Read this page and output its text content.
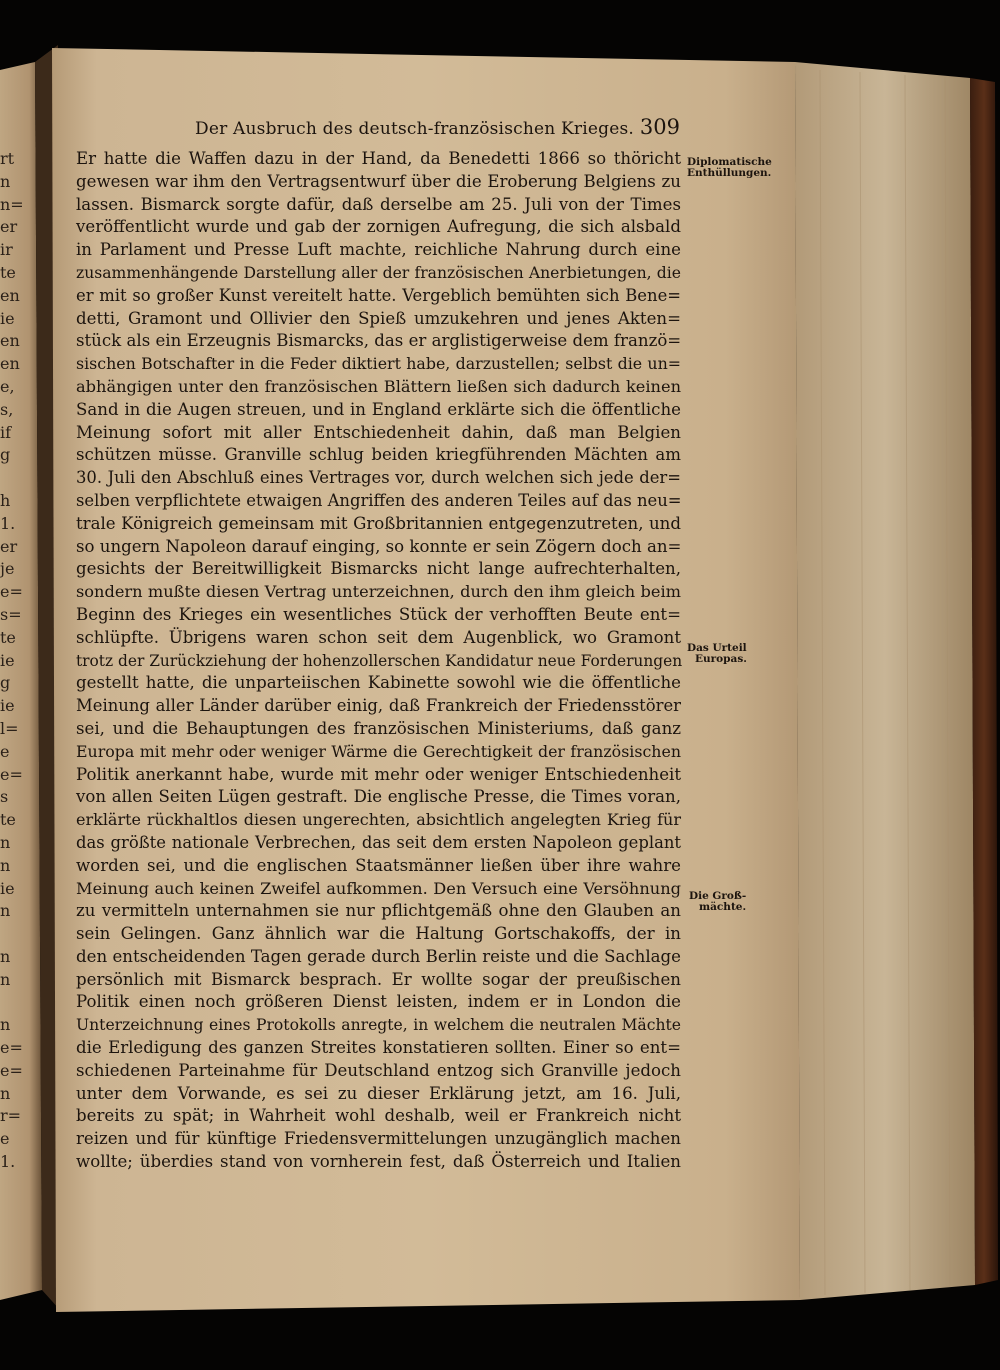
rt
n
n=
er
ir
te
en
ie
en
en
e,
s,
if
g
h
1.
er
je
e=
s=
te
ie
g
ie
l=
e
e=
s
te
n
n
ie
n
n
n
n
e=
e=
n
r=
e
1.
Der Ausbruch des deutsch-französischen Krieges. 309
Er hatte die Waffen dazu in der Hand, da Benedetti 1866 so thöricht
gewesen war ihm den Vertragsentwurf über die Eroberung Belgiens zu
lassen. Bismarck sorgte dafür, daß derselbe am 25. Juli von der Times
veröffentlicht wurde und gab der zornigen Aufregung, die sich alsbald
in Parlament und Presse Luft machte, reichliche Nahrung durch eine
zusammenhängende Darstellung aller der französischen Anerbietungen, die
er mit so großer Kunst vereitelt hatte. Vergeblich bemühten sich Bene=
detti, Gramont und Ollivier den Spieß umzukehren und jenes Akten=
stück als ein Erzeugnis Bismarcks, das er arglistigerweise dem franzö=
sischen Botschafter in die Feder diktiert habe, darzustellen; selbst die un=
abhängigen unter den französischen Blättern ließen sich dadurch keinen
Sand in die Augen streuen, und in England erklärte sich die öffentliche
Meinung sofort mit aller Entschiedenheit dahin, daß man Belgien
schützen müsse. Granville schlug beiden kriegführenden Mächten am
30. Juli den Abschluß eines Vertrages vor, durch welchen sich jede der=
selben verpflichtete etwaigen Angriffen des anderen Teiles auf das neu=
trale Königreich gemeinsam mit Großbritannien entgegenzutreten, und
so ungern Napoleon darauf einging, so konnte er sein Zögern doch an=
gesichts der Bereitwilligkeit Bismarcks nicht lange aufrechterhalten,
sondern mußte diesen Vertrag unterzeichnen, durch den ihm gleich beim
Beginn des Krieges ein wesentliches Stück der verhofften Beute ent=
schlüpfte. Übrigens waren schon seit dem Augenblick, wo Gramont
trotz der Zurückziehung der hohenzollerschen Kandidatur neue Forderungen
gestellt hatte, die unparteiischen Kabinette sowohl wie die öffentliche
Meinung aller Länder darüber einig, daß Frankreich der Friedensstörer
sei, und die Behauptungen des französischen Ministeriums, daß ganz
Europa mit mehr oder weniger Wärme die Gerechtigkeit der französischen
Politik anerkannt habe, wurde mit mehr oder weniger Entschiedenheit
von allen Seiten Lügen gestraft. Die englische Presse, die Times voran,
erklärte rückhaltlos diesen ungerechten, absichtlich angelegten Krieg für
das größte nationale Verbrechen, das seit dem ersten Napoleon geplant
worden sei, und die englischen Staatsmänner ließen über ihre wahre
Meinung auch keinen Zweifel aufkommen. Den Versuch eine Versöhnung
zu vermitteln unternahmen sie nur pflichtgemäß ohne den Glauben an
sein Gelingen. Ganz ähnlich war die Haltung Gortschakoffs, der in
den entscheidenden Tagen gerade durch Berlin reiste und die Sachlage
persönlich mit Bismarck besprach. Er wollte sogar der preußischen
Politik einen noch größeren Dienst leisten, indem er in London die
Unterzeichnung eines Protokolls anregte, in welchem die neutralen Mächte
die Erledigung des ganzen Streites konstatieren sollten. Einer so ent=
schiedenen Parteinahme für Deutschland entzog sich Granville jedoch
unter dem Vorwande, es sei zu dieser Erklärung jetzt, am 16. Juli,
bereits zu spät; in Wahrheit wohl deshalb, weil er Frankreich nicht
reizen und für künftige Friedensvermittelungen unzugänglich machen
wollte; überdies stand von vornherein fest, daß Österreich und Italien
Diplomatische
Enthüllungen.
Das Urteil
Europas.
Die Groß-
mächte.
